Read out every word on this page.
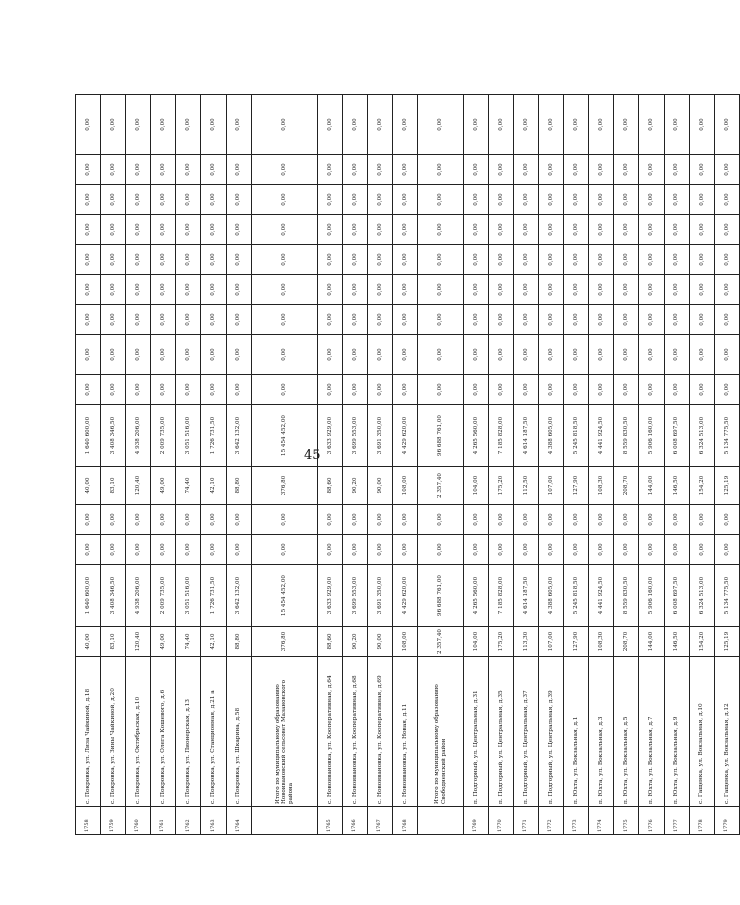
45
1758	с. Покровка, ул. Лиза Чайкиной, д.18	40,00	1 640 600,00	0,00	0,00	40,00	1 640 600,00	0,00	0,00	0,00	0,00	0,00	0,00	0,00	0,00	0,00
1759	с. Покровка, ул. Зины Чайкиной, д.20	83,10	3 408 346,50	0,00	0,00	83,10	3 408 346,50	0,00	0,00	0,00	0,00	0,00	0,00	0,00	0,00	0,00
1760	с. Покровка, ул. Октябрьская, д.10	120,40	4 938 206,00	0,00	0,00	120,40	4 938 206,00	0,00	0,00	0,00	0,00	0,00	0,00	0,00	0,00	0,00
1761	с. Покровка, ул. Олега Кошевого, д.6	49,00	2 009 735,00	0,00	0,00	49,00	2 009 735,00	0,00	0,00	0,00	0,00	0,00	0,00	0,00	0,00	0,00
1762	с. Покровка, ул. Пионерская, д.13	74,40	3 051 516,00	0,00	0,00	74,40	3 051 516,00	0,00	0,00	0,00	0,00	0,00	0,00	0,00	0,00	0,00
1763	с. Покровка, ул. Станционная, д.21 а	42,10	1 726 731,50	0,00	0,00	42,10	1 726 731,50	0,00	0,00	0,00	0,00	0,00	0,00	0,00	0,00	0,00
1764	с. Покровка, ул. Шкарина, д.58	88,80	3 642 132,00	0,00	0,00	88,80	3 642 132,00	0,00	0,00	0,00	0,00	0,00	0,00	0,00	0,00	0,00
	Итого по муниципальному образованию Новоивановский сельсовет Мазановского района	376,80	15 454 452,00	0,00	0,00	376,80	15 454 452,00	0,00	0,00	0,00	0,00	0,00	0,00	0,00	0,00	0,00
1765	с. Новоивановка, ул. Кооперативная, д.64	88,60	3 633 929,00	0,00	0,00	88,60	3 633 929,00	0,00	0,00	0,00	0,00	0,00	0,00	0,00	0,00	0,00
1766	с. Новоивановка, ул. Кооперативная, д.68	90,20	3 699 553,00	0,00	0,00	90,20	3 699 553,00	0,00	0,00	0,00	0,00	0,00	0,00	0,00	0,00	0,00
1767	с. Новоивановка, ул. Кооперативная, д.69	90,00	3 691 350,00	0,00	0,00	90,00	3 691 350,00	0,00	0,00	0,00	0,00	0,00	0,00	0,00	0,00	0,00
1768	с. Новоивановка, ул. Новая, д.11	108,00	4 429 620,00	0,00	0,00	108,00	4 429 620,00	0,00	0,00	0,00	0,00	0,00	0,00	0,00	0,00	0,00
	Итого по муниципальному образованию Свободненский район	2 357,40	96 688 761,00	0,00	0,00	2 357,40	96 688 761,00	0,00	0,00	0,00	0,00	0,00	0,00	0,00	0,00	0,00
1769	п. Подгорный, ул. Центральная, д.31	104,00	4 265 560,00	0,00	0,00	104,00	4 265 560,00	0,00	0,00	0,00	0,00	0,00	0,00	0,00	0,00	0,00
1770	п. Подгорный, ул. Центральная, д.35	175,20	7 185 828,00	0,00	0,00	175,20	7 185 828,00	0,00	0,00	0,00	0,00	0,00	0,00	0,00	0,00	0,00
1771	п. Подгорный, ул. Центральная, д.37	113,30	4 614 187,50	0,00	0,00	112,50	4 614 187,50	0,00	0,00	0,00	0,00	0,00	0,00	0,00	0,00	0,00
1772	п. Подгорный, ул. Центральная, д.39	107,00	4 388 605,00	0,00	0,00	107,00	4 388 605,00	0,00	0,00	0,00	0,00	0,00	0,00	0,00	0,00	0,00
1773	п. Юхта, ул. Вокзальная, д.1	127,90	5 245 818,50	0,00	0,00	127,90	5 245 818,50	0,00	0,00	0,00	0,00	0,00	0,00	0,00	0,00	0,00
1774	п. Юхта, ул. Вокзальная, д.3	108,30	4 441 924,50	0,00	0,00	108,30	4 441 924,50	0,00	0,00	0,00	0,00	0,00	0,00	0,00	0,00	0,00
1775	п. Юхта, ул. Вокзальная, д.5	208,70	8 559 830,50	0,00	0,00	208,70	8 559 830,50	0,00	0,00	0,00	0,00	0,00	0,00	0,00	0,00	0,00
1776	п. Юхта, ул. Вокзальная, д.7	144,00	5 906 160,00	0,00	0,00	144,00	5 906 160,00	0,00	0,00	0,00	0,00	0,00	0,00	0,00	0,00	0,00
1777	п. Юхта, ул. Вокзальная, д.9	146,50	6 008 697,50	0,00	0,00	146,50	6 008 697,50	0,00	0,00	0,00	0,00	0,00	0,00	0,00	0,00	0,00
1778	с. Гащенка, ул. Вокзальная, д.10	154,20	6 324 513,00	0,00	0,00	154,20	6 324 513,00	0,00	0,00	0,00	0,00	0,00	0,00	0,00	0,00	0,00
1779	с. Гащенка, ул. Вокзальная, д.12	125,19	5 134 775,50	0,00	0,00	125,19	5 134 775,50	0,00	0,00	0,00	0,00	0,00	0,00	0,00	0,00	0,00
